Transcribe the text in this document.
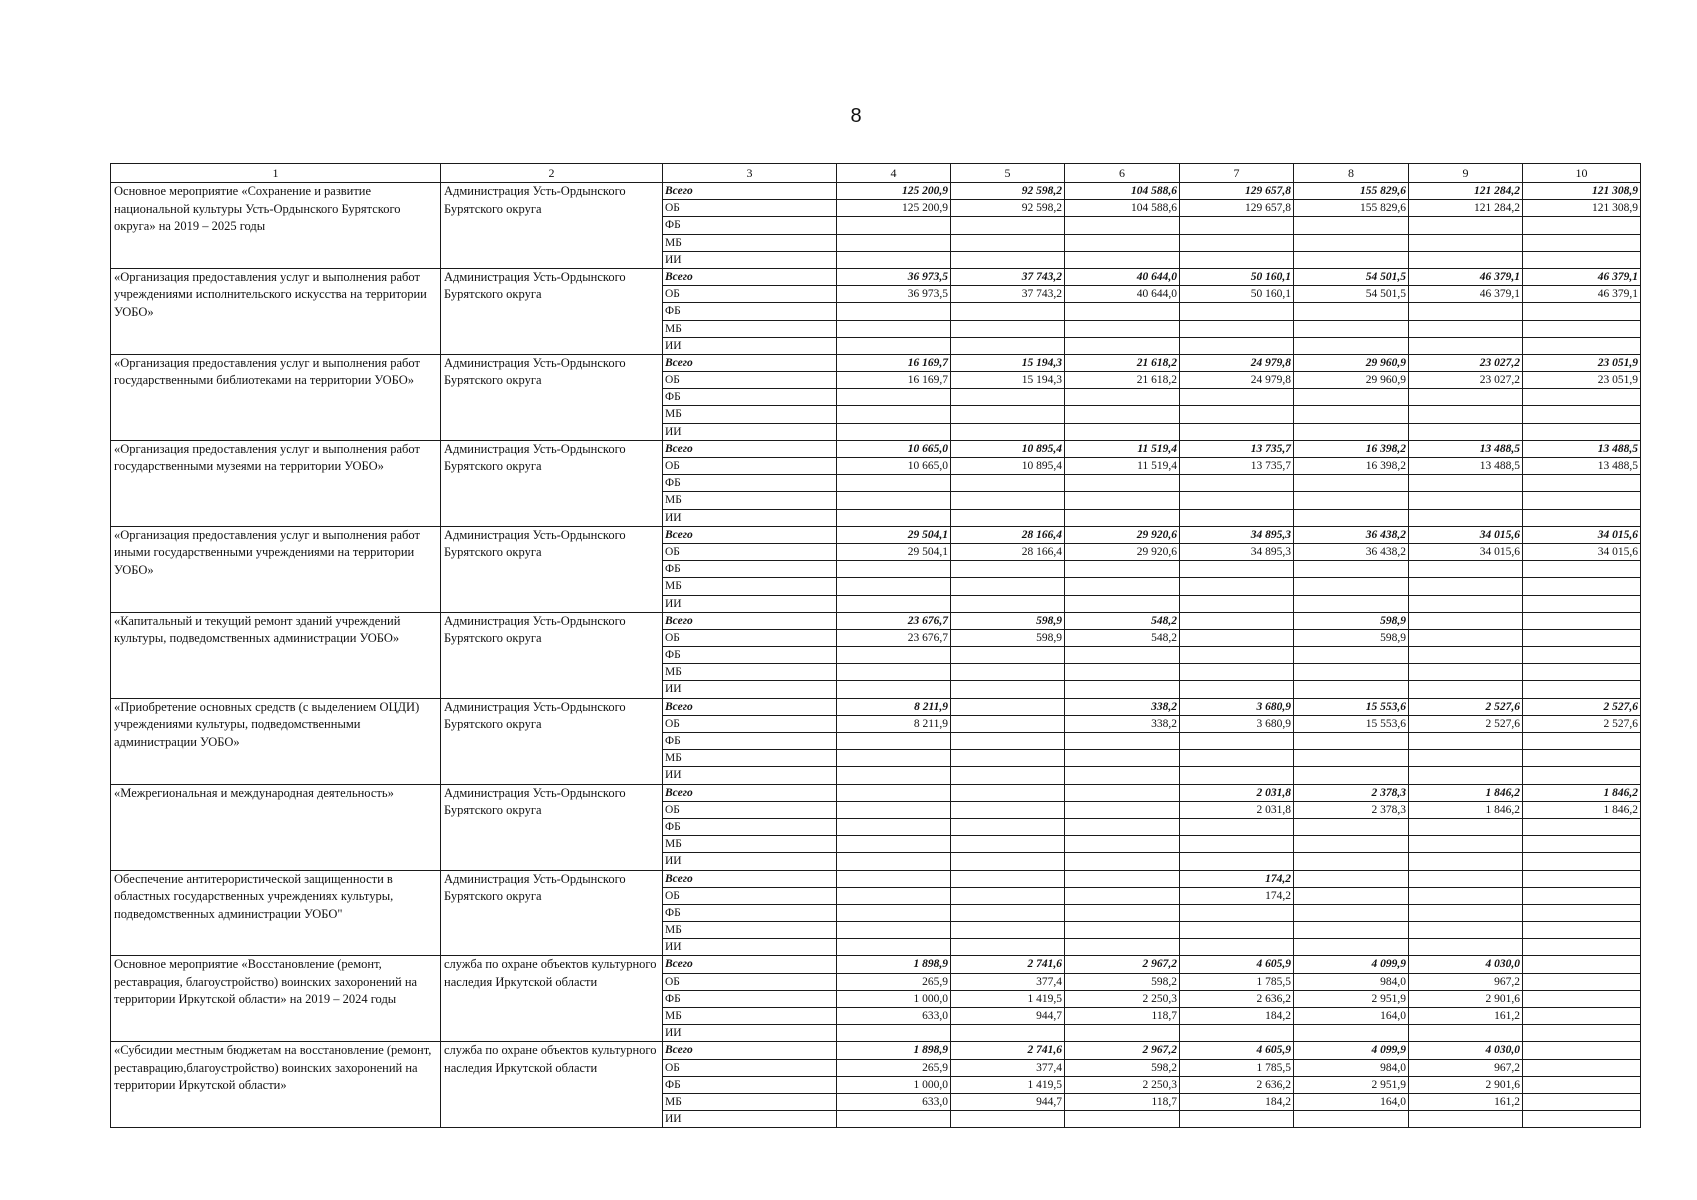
8
1	2	3	4	5	6	7	8	9	10
Основное мероприятие «Сохранение и развитие национальной культуры Усть-Ордынского Бурятского округа» на 2019 – 2025 годы	Администрация Усть-Ордынского Бурятского округа	Всего	125 200,9	92 598,2	104 588,6	129 657,8	155 829,6	121 284,2	121 308,9
		ОБ	125 200,9	92 598,2	104 588,6	129 657,8	155 829,6	121 284,2	121 308,9
		ФБ							
		МБ							
		ИИ							
«Организация предоставления услуг и выполнения работ учреждениями исполнительского искусства на территории УОБО»	Администрация Усть-Ордынского Бурятского округа	Всего	36 973,5	37 743,2	40 644,0	50 160,1	54 501,5	46 379,1	46 379,1
		ОБ	36 973,5	37 743,2	40 644,0	50 160,1	54 501,5	46 379,1	46 379,1
		ФБ							
		МБ							
		ИИ							
«Организация предоставления услуг и выполнения работ государственными библиотеками на территории УОБО»	Администрация Усть-Ордынского Бурятского округа	Всего	16 169,7	15 194,3	21 618,2	24 979,8	29 960,9	23 027,2	23 051,9
		ОБ	16 169,7	15 194,3	21 618,2	24 979,8	29 960,9	23 027,2	23 051,9
		ФБ							
		МБ							
		ИИ							
«Организация предоставления услуг и выполнения работ государственными музеями на территории УОБО»	Администрация Усть-Ордынского Бурятского округа	Всего	10 665,0	10 895,4	11 519,4	13 735,7	16 398,2	13 488,5	13 488,5
		ОБ	10 665,0	10 895,4	11 519,4	13 735,7	16 398,2	13 488,5	13 488,5
		ФБ							
		МБ							
		ИИ							
«Организация предоставления услуг и выполнения работ иными государственными учреждениями на территории УОБО»	Администрация Усть-Ордынского Бурятского округа	Всего	29 504,1	28 166,4	29 920,6	34 895,3	36 438,2	34 015,6	34 015,6
		ОБ	29 504,1	28 166,4	29 920,6	34 895,3	36 438,2	34 015,6	34 015,6
		ФБ							
		МБ							
		ИИ							
«Капитальный и текущий ремонт зданий учреждений культуры, подведомственных администрации УОБО»	Администрация Усть-Ордынского Бурятского округа	Всего	23 676,7	598,9	548,2		598,9		
		ОБ	23 676,7	598,9	548,2		598,9		
		ФБ							
		МБ							
		ИИ							
«Приобретение основных средств (с выделением ОЦДИ) учреждениями культуры, подведомственными администрации УОБО»	Администрация Усть-Ордынского Бурятского округа	Всего	8 211,9		338,2	3 680,9	15 553,6	2 527,6	2 527,6
		ОБ	8 211,9		338,2	3 680,9	15 553,6	2 527,6	2 527,6
		ФБ							
		МБ							
		ИИ							
«Межрегиональная и международная деятельность»	Администрация Усть-Ордынского Бурятского округа	Всего				2 031,8	2 378,3	1 846,2	1 846,2
		ОБ				2 031,8	2 378,3	1 846,2	1 846,2
		ФБ							
		МБ							
		ИИ							
Обеспечение антитерористической защищенности в областных государственных учреждениях культуры, подведомственных администрации УОБО"	Администрация Усть-Ордынского Бурятского округа	Всего				174,2			
		ОБ				174,2			
		ФБ							
		МБ							
		ИИ							
Основное мероприятие «Восстановление (ремонт, реставрация, благоустройство) воинских захоронений на территории Иркутской области» на 2019 – 2024 годы	служба по охране объектов культурного наследия Иркутской области	Всего	1 898,9	2 741,6	2 967,2	4 605,9	4 099,9	4 030,0	
		ОБ	265,9	377,4	598,2	1 785,5	984,0	967,2	
		ФБ	1 000,0	1 419,5	2 250,3	2 636,2	2 951,9	2 901,6	
		МБ	633,0	944,7	118,7	184,2	164,0	161,2	
		ИИ							
«Субсидии местным бюджетам на восстановление (ремонт, реставрацию,благоустройство) воинских захоронений на территории Иркутской области»	служба по охране объектов культурного наследия Иркутской области	Всего	1 898,9	2 741,6	2 967,2	4 605,9	4 099,9	4 030,0	
		ОБ	265,9	377,4	598,2	1 785,5	984,0	967,2	
		ФБ	1 000,0	1 419,5	2 250,3	2 636,2	2 951,9	2 901,6	
		МБ	633,0	944,7	118,7	184,2	164,0	161,2	
		ИИ							
